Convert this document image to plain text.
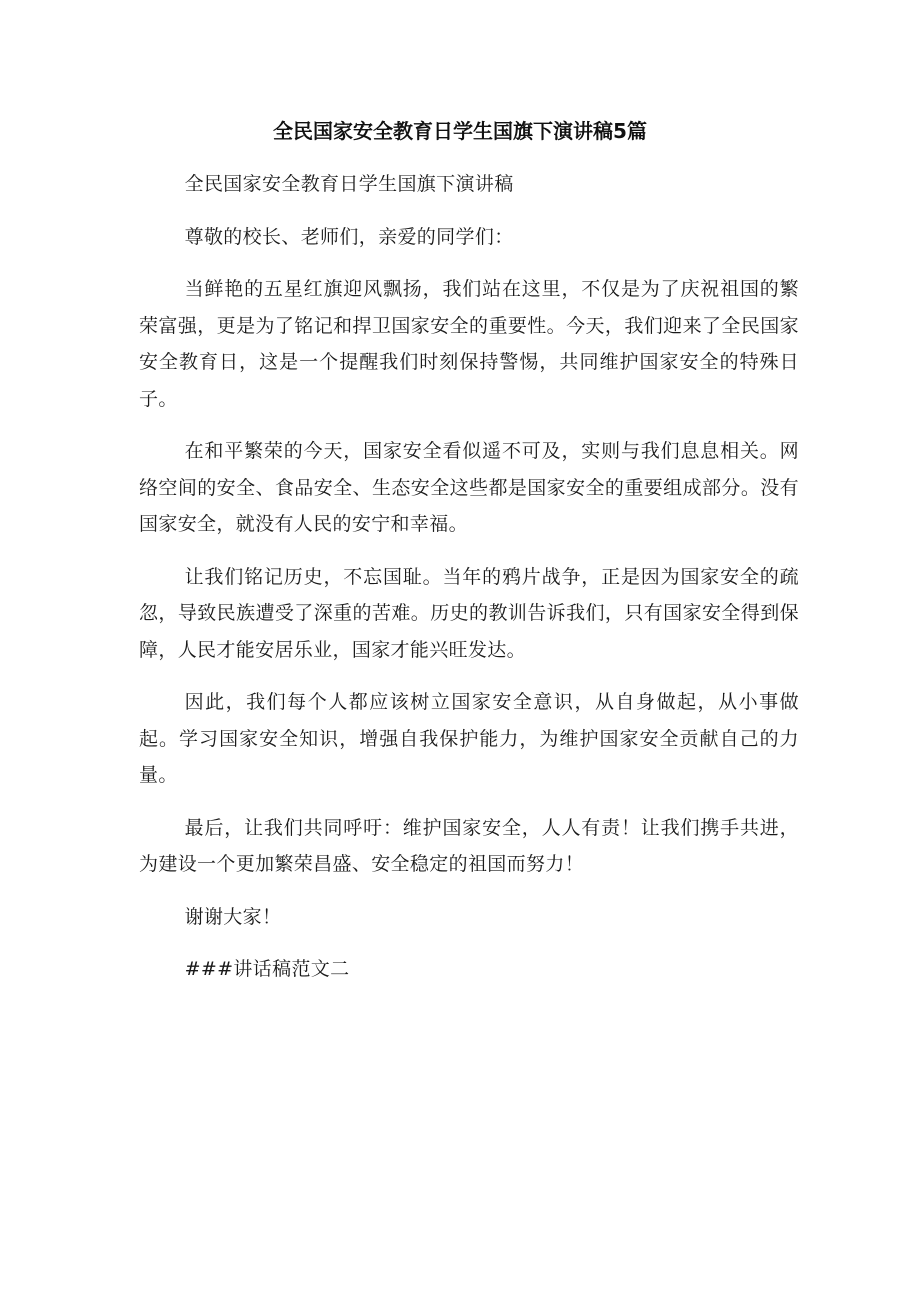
全民国家安全教育日学生国旗下演讲稿5篇

全民国家安全教育日学生国旗下演讲稿

尊敬的校长、老师们，亲爱的同学们：

当鲜艳的五星红旗迎风飘扬，我们站在这里，不仅是为了庆祝祖国的繁荣富强，更是为了铭记和捍卫国家安全的重要性。今天，我们迎来了全民国家安全教育日，这是一个提醒我们时刻保持警惕，共同维护国家安全的特殊日子。

在和平繁荣的今天，国家安全看似遥不可及，实则与我们息息相关。网络空间的安全、食品安全、生态安全这些都是国家安全的重要组成部分。没有国家安全，就没有人民的安宁和幸福。

让我们铭记历史，不忘国耻。当年的鸦片战争，正是因为国家安全的疏忽，导致民族遭受了深重的苦难。历史的教训告诉我们，只有国家安全得到保障，人民才能安居乐业，国家才能兴旺发达。

因此，我们每个人都应该树立国家安全意识，从自身做起，从小事做起。学习国家安全知识，增强自我保护能力，为维护国家安全贡献自己的力量。

最后，让我们共同呼吁：维护国家安全，人人有责！让我们携手共进，为建设一个更加繁荣昌盛、安全稳定的祖国而努力！

谢谢大家！

###讲话稿范文二
